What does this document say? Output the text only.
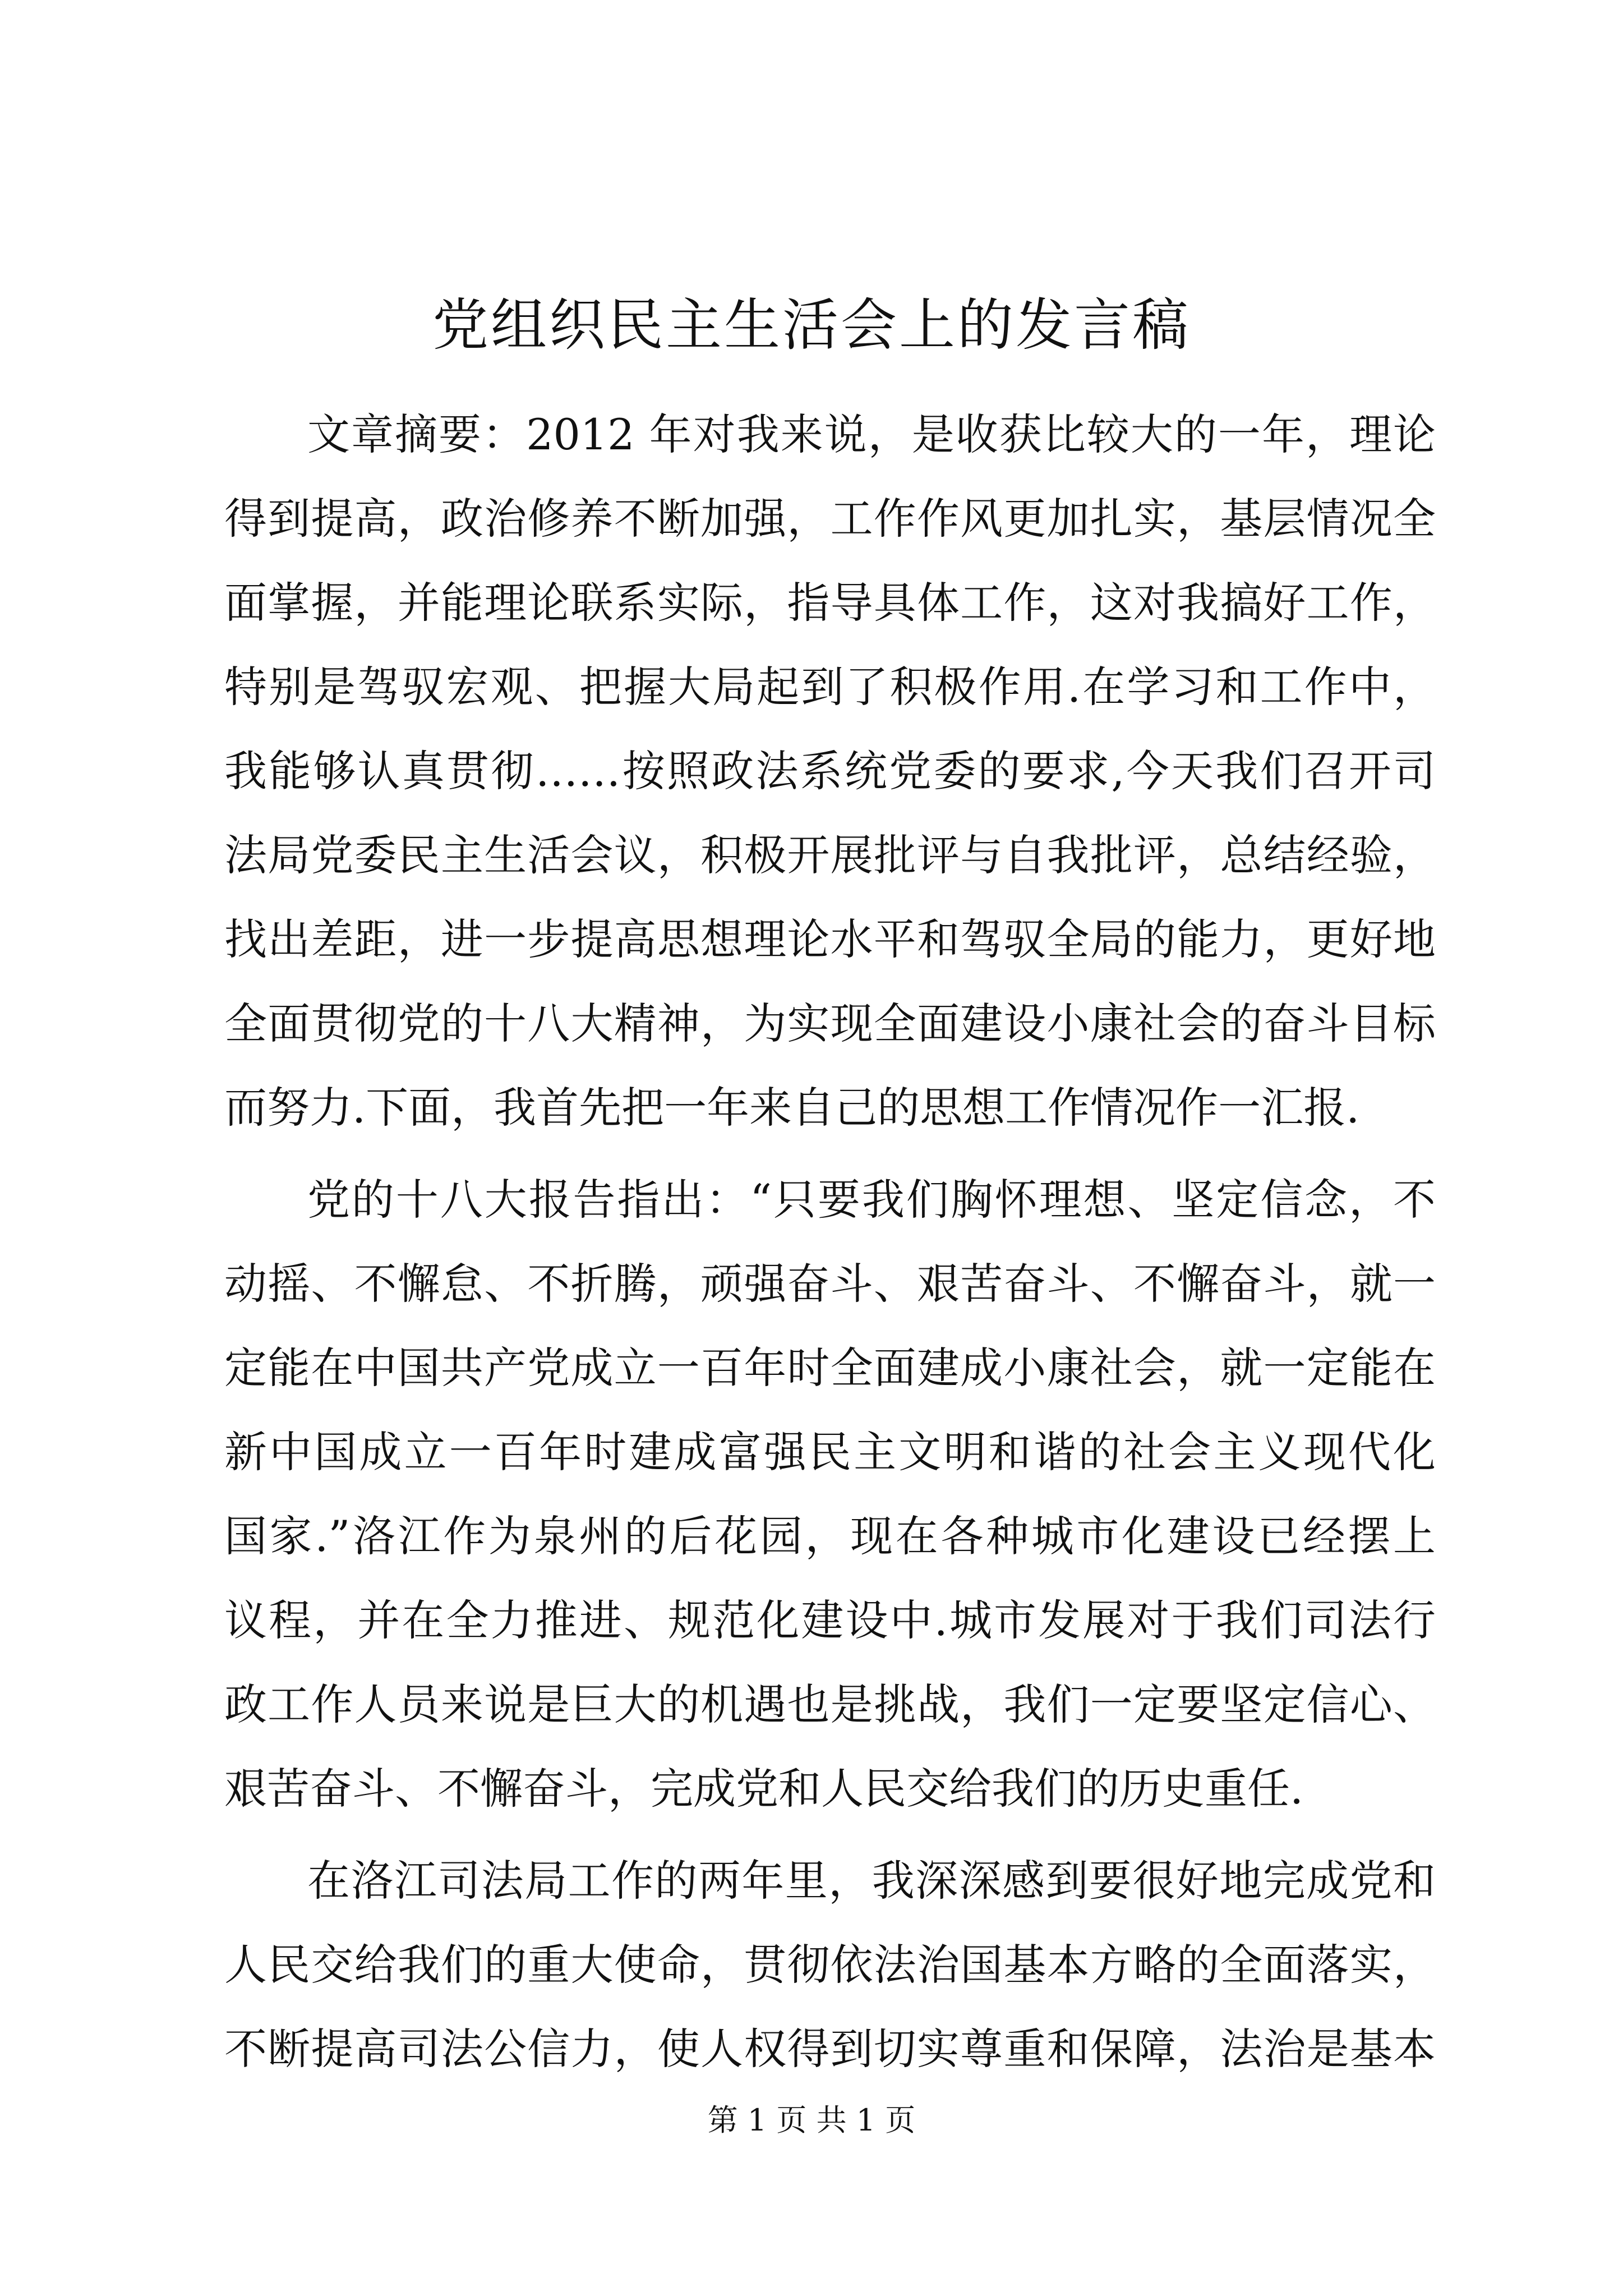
党组织民主生活会上的发言稿
文章摘要：2012 年对我来说，是收获比较大的一年，理论
得到提高，政治修养不断加强，工作作风更加扎实，基层情况全
面掌握，并能理论联系实际，指导具体工作，这对我搞好工作，
特别是驾驭宏观、把握大局起到了积极作用.在学习和工作中，
我能够认真贯彻……按照政法系统党委的要求,今天我们召开司
法局党委民主生活会议，积极开展批评与自我批评，总结经验，
找出差距，进一步提高思想理论水平和驾驭全局的能力，更好地
全面贯彻党的十八大精神，为实现全面建设小康社会的奋斗目标
而努力.下面，我首先把一年来自己的思想工作情况作一汇报.
党的十八大报告指出：“只要我们胸怀理想、坚定信念，不
动摇、不懈怠、不折腾，顽强奋斗、艰苦奋斗、不懈奋斗，就一
定能在中国共产党成立一百年时全面建成小康社会，就一定能在
新中国成立一百年时建成富强民主文明和谐的社会主义现代化
国家.”洛江作为泉州的后花园，现在各种城市化建设已经摆上
议程，并在全力推进、规范化建设中.城市发展对于我们司法行
政工作人员来说是巨大的机遇也是挑战，我们一定要坚定信心、
艰苦奋斗、不懈奋斗，完成党和人民交给我们的历史重任.
在洛江司法局工作的两年里，我深深感到要很好地完成党和
人民交给我们的重大使命，贯彻依法治国基本方略的全面落实，
不断提高司法公信力，使人权得到切实尊重和保障，法治是基本
第 1 页 共 1 页
